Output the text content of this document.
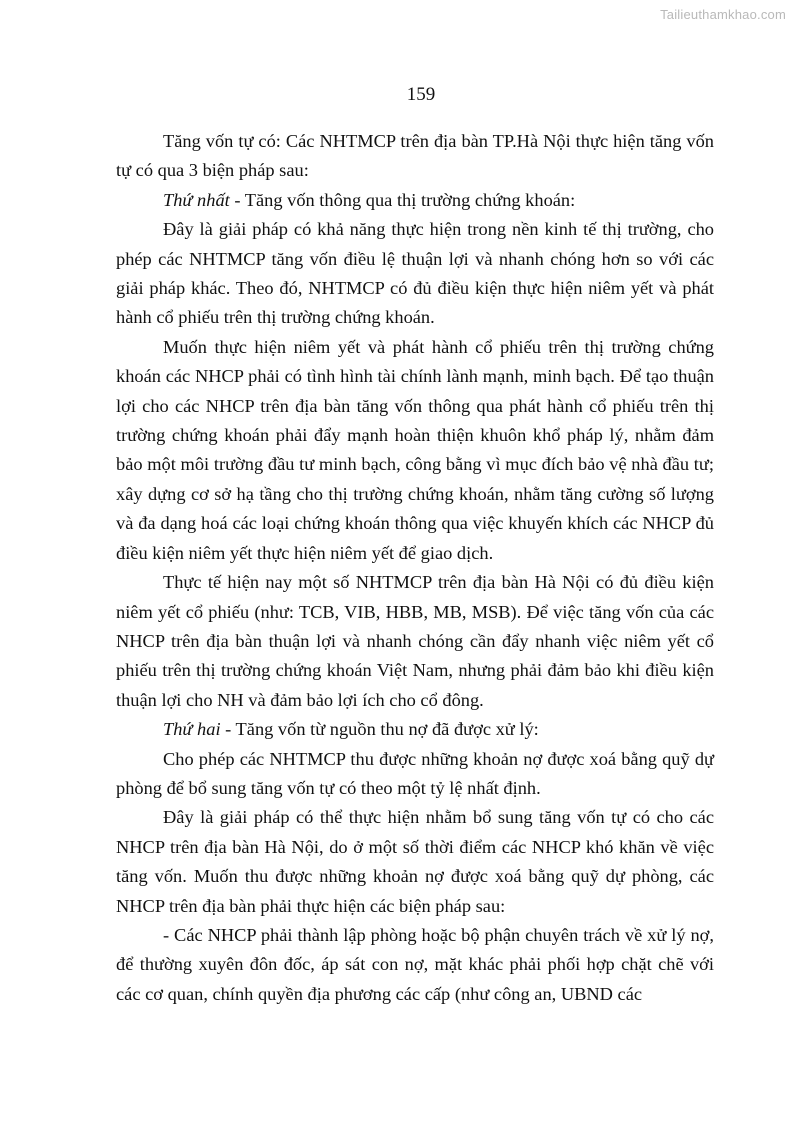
Tailieuthamkhao.com
159

Tăng vốn tự có: Các NHTMCP trên địa bàn TP.Hà Nội thực hiện tăng vốn tự có qua 3 biện pháp sau:

Thứ nhất - Tăng vốn thông qua thị trường chứng khoán:

Đây là giải pháp có khả năng thực hiện trong nền kinh tế thị trường, cho phép các NHTMCP tăng vốn điều lệ thuận lợi và nhanh chóng hơn so với các giải pháp khác. Theo đó, NHTMCP có đủ điều kiện thực hiện niêm yết và phát hành cổ phiếu trên thị trường chứng khoán.

Muốn thực hiện niêm yết và phát hành cổ phiếu trên thị trường chứng khoán các NHCP phải có tình hình tài chính lành mạnh, minh bạch. Để tạo thuận lợi cho các NHCP trên địa bàn tăng vốn thông qua phát hành cổ phiếu trên thị trường chứng khoán phải đẩy mạnh hoàn thiện khuôn khổ pháp lý, nhằm đảm bảo một môi trường đầu tư minh bạch, công bằng vì mục đích bảo vệ nhà đầu tư; xây dựng cơ sở hạ tầng cho thị trường chứng khoán, nhằm tăng cường số lượng và đa dạng hoá các loại chứng khoán thông qua việc khuyến khích các NHCP đủ điều kiện niêm yết thực hiện niêm yết để giao dịch.

Thực tế hiện nay một số NHTMCP trên địa bàn Hà Nội có đủ điều kiện niêm yết cổ phiếu (như: TCB, VIB, HBB, MB, MSB). Để việc tăng vốn của các NHCP trên địa bàn thuận lợi và nhanh chóng cần đẩy nhanh việc niêm yết cổ phiếu trên thị trường chứng khoán Việt Nam, nhưng phải đảm bảo khi điều kiện thuận lợi cho NH và đảm bảo lợi ích cho cổ đông.

Thứ hai - Tăng vốn từ nguồn thu nợ đã được xử lý:

Cho phép các NHTMCP thu được những khoản nợ được xoá bằng quỹ dự phòng để bổ sung tăng vốn tự có theo một tỷ lệ nhất định.

Đây là giải pháp có thể thực hiện nhằm bổ sung tăng vốn tự có cho các NHCP trên địa bàn Hà Nội, do ở một số thời điểm các NHCP khó khăn về việc tăng vốn. Muốn thu được những khoản nợ được xoá bằng quỹ dự phòng, các NHCP trên địa bàn phải thực hiện các biện pháp sau:

- Các NHCP phải thành lập phòng hoặc bộ phận chuyên trách về xử lý nợ, để thường xuyên đôn đốc, áp sát con nợ, mặt khác phải phối hợp chặt chẽ với các cơ quan, chính quyền địa phương các cấp (như công an, UBND các
